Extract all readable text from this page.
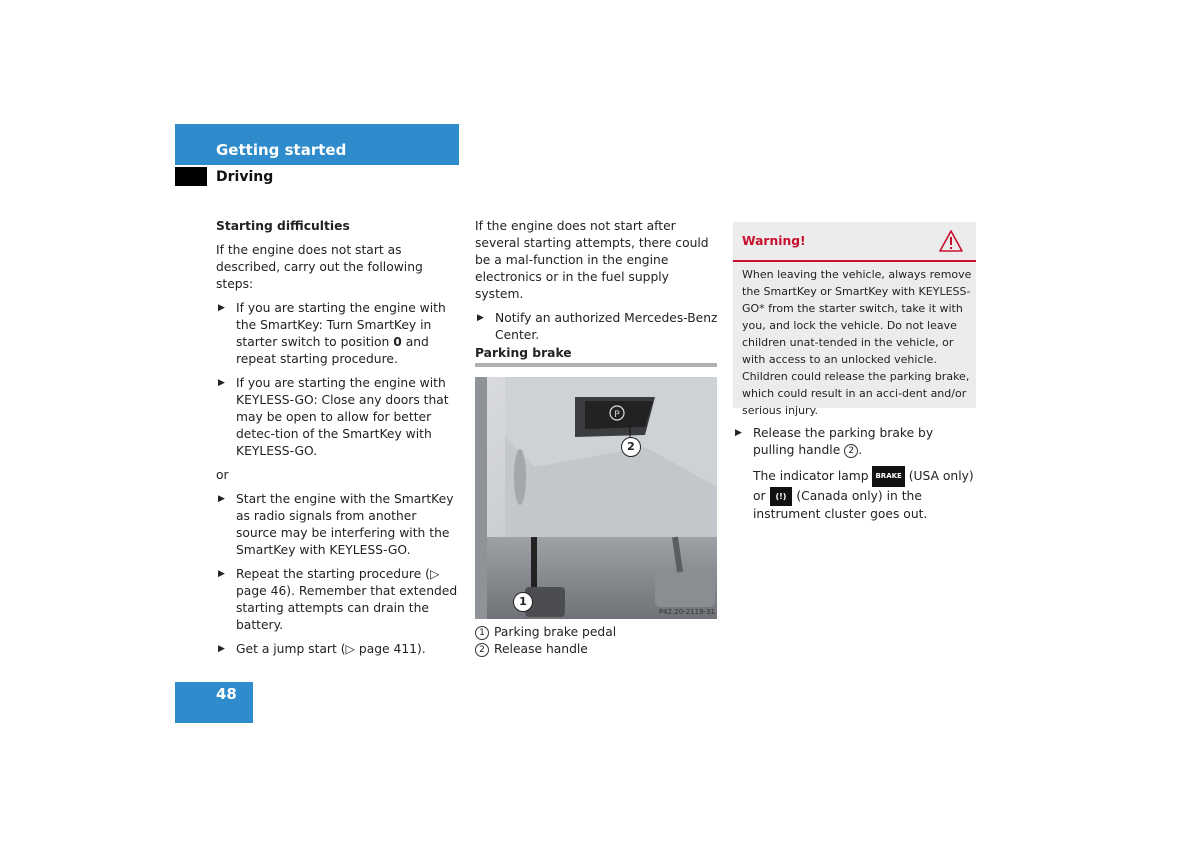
Getting started
Driving

Starting difficulties

If the engine does not start as described, carry out the following steps:

▶ If you are starting the engine with the SmartKey: Turn SmartKey in starter switch to position 0 and repeat starting procedure.
▶ If you are starting the engine with KEYLESS-GO: Close any doors that may be open to allow for better detec-tion of the SmartKey with KEYLESS-GO.

or

▶ Start the engine with the SmartKey as radio signals from another source may be interfering with the SmartKey with KEYLESS-GO.
▶ Repeat the starting procedure (▷ page 46). Remember that extended starting attempts can drain the battery.
▶ Get a jump start (▷ page 411).

If the engine does not start after several starting attempts, there could be a mal-function in the engine electronics or in the fuel supply system.

▶ Notify an authorized Mercedes-Benz Center.
Parking brake
P
2
1
P42.20-2119-31

1 Parking brake pedal

2 Release handle

Warning!
When leaving the vehicle, always remove the SmartKey or SmartKey with KEYLESS-GO* from the starter switch, take it with you, and lock the vehicle. Do not leave children unat-tended in the vehicle, or with access to an unlocked vehicle. Children could release the parking brake, which could result in an acci-dent and/or serious injury.
▶ Release the parking brake by pulling handle 2 .

The indicator lamp BRAKE (USA only) or (!) (Canada only) in the instrument cluster goes out.

48
